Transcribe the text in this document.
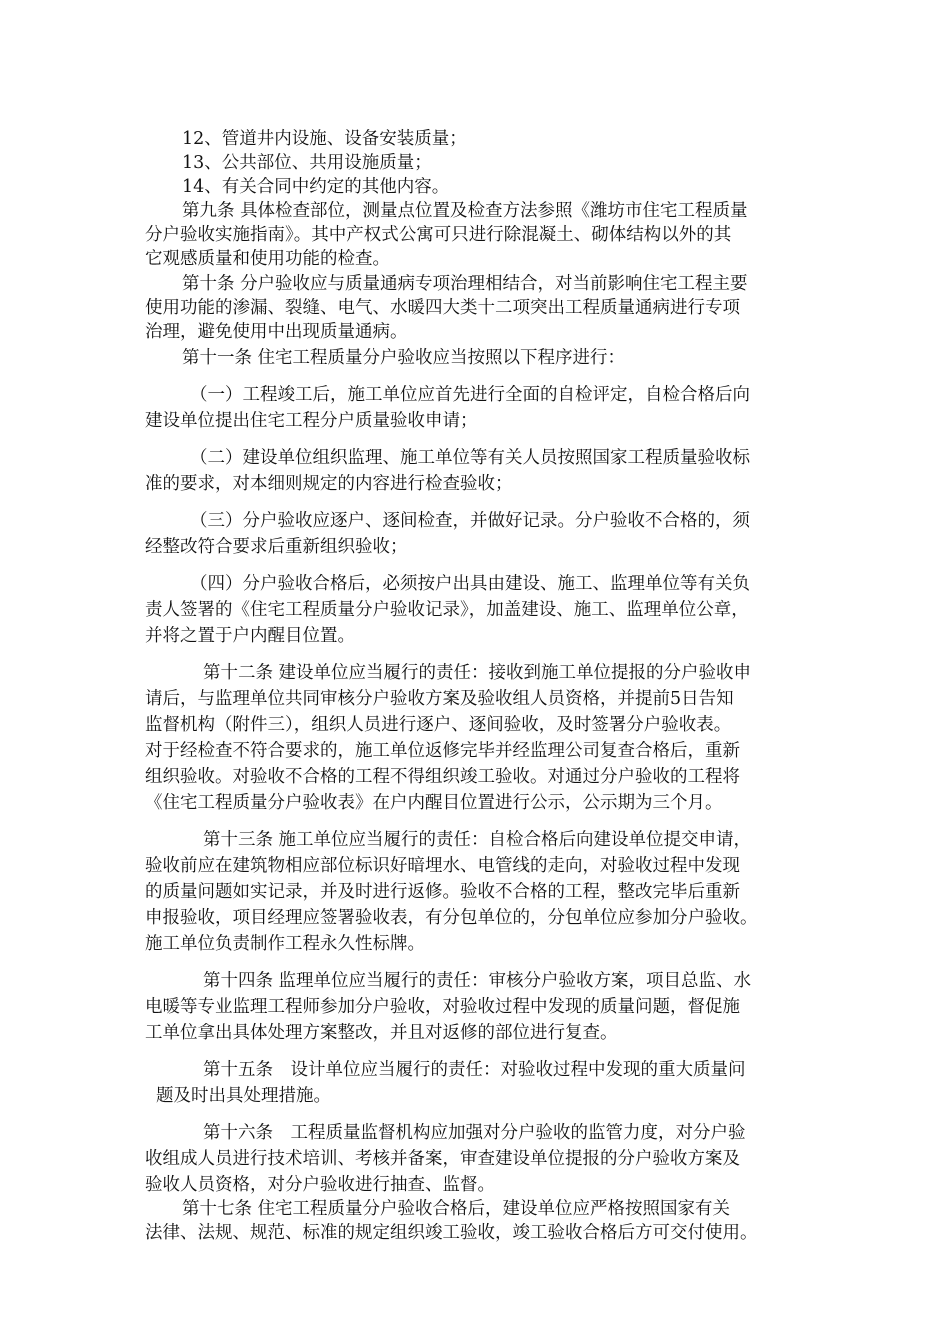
12、管道井内设施、设备安装质量；
13、公共部位、共用设施质量；
14、有关合同中约定的其他内容。
第九条 具体检查部位，测量点位置及检查方法参照《潍坊市住宅工程质量
分户验收实施指南》。其中产权式公寓可只进行除混凝土、砌体结构以外的其
它观感质量和使用功能的检查。
第十条 分户验收应与质量通病专项治理相结合，对当前影响住宅工程主要
使用功能的渗漏、裂缝、电气、水暖四大类十二项突出工程质量通病进行专项
治理，避免使用中出现质量通病。
第十一条 住宅工程质量分户验收应当按照以下程序进行：
（一）工程竣工后，施工单位应首先进行全面的自检评定，自检合格后向
建设单位提出住宅工程分户质量验收申请；
（二）建设单位组织监理、施工单位等有关人员按照国家工程质量验收标
准的要求，对本细则规定的内容进行检查验收；
（三）分户验收应逐户、逐间检查，并做好记录。分户验收不合格的，须
经整改符合要求后重新组织验收；
（四）分户验收合格后，必须按户出具由建设、施工、监理单位等有关负
责人签署的《住宅工程质量分户验收记录》，加盖建设、施工、监理单位公章，
并将之置于户内醒目位置。
第十二条 建设单位应当履行的责任：接收到施工单位提报的分户验收申
请后，与监理单位共同审核分户验收方案及验收组人员资格，并提前5日告知
监督机构（附件三），组织人员进行逐户、逐间验收，及时签署分户验收表。
对于经检查不符合要求的，施工单位返修完毕并经监理公司复查合格后，重新
组织验收。对验收不合格的工程不得组织竣工验收。对通过分户验收的工程将
《住宅工程质量分户验收表》在户内醒目位置进行公示，公示期为三个月。
第十三条 施工单位应当履行的责任：自检合格后向建设单位提交申请，
验收前应在建筑物相应部位标识好暗埋水、电管线的走向，对验收过程中发现
的质量问题如实记录，并及时进行返修。验收不合格的工程，整改完毕后重新
申报验收，项目经理应签署验收表，有分包单位的，分包单位应参加分户验收。
施工单位负责制作工程永久性标牌。
第十四条 监理单位应当履行的责任：审核分户验收方案，项目总监、水
电暖等专业监理工程师参加分户验收，对验收过程中发现的质量问题，督促施
工单位拿出具体处理方案整改，并且对返修的部位进行复查。
第十五条　设计单位应当履行的责任：对验收过程中发现的重大质量问
题及时出具处理措施。
第十六条　工程质量监督机构应加强对分户验收的监管力度，对分户验
收组成人员进行技术培训、考核并备案，审查建设单位提报的分户验收方案及
验收人员资格，对分户验收进行抽查、监督。
第十七条 住宅工程质量分户验收合格后，建设单位应严格按照国家有关
法律、法规、规范、标准的规定组织竣工验收，竣工验收合格后方可交付使用。
